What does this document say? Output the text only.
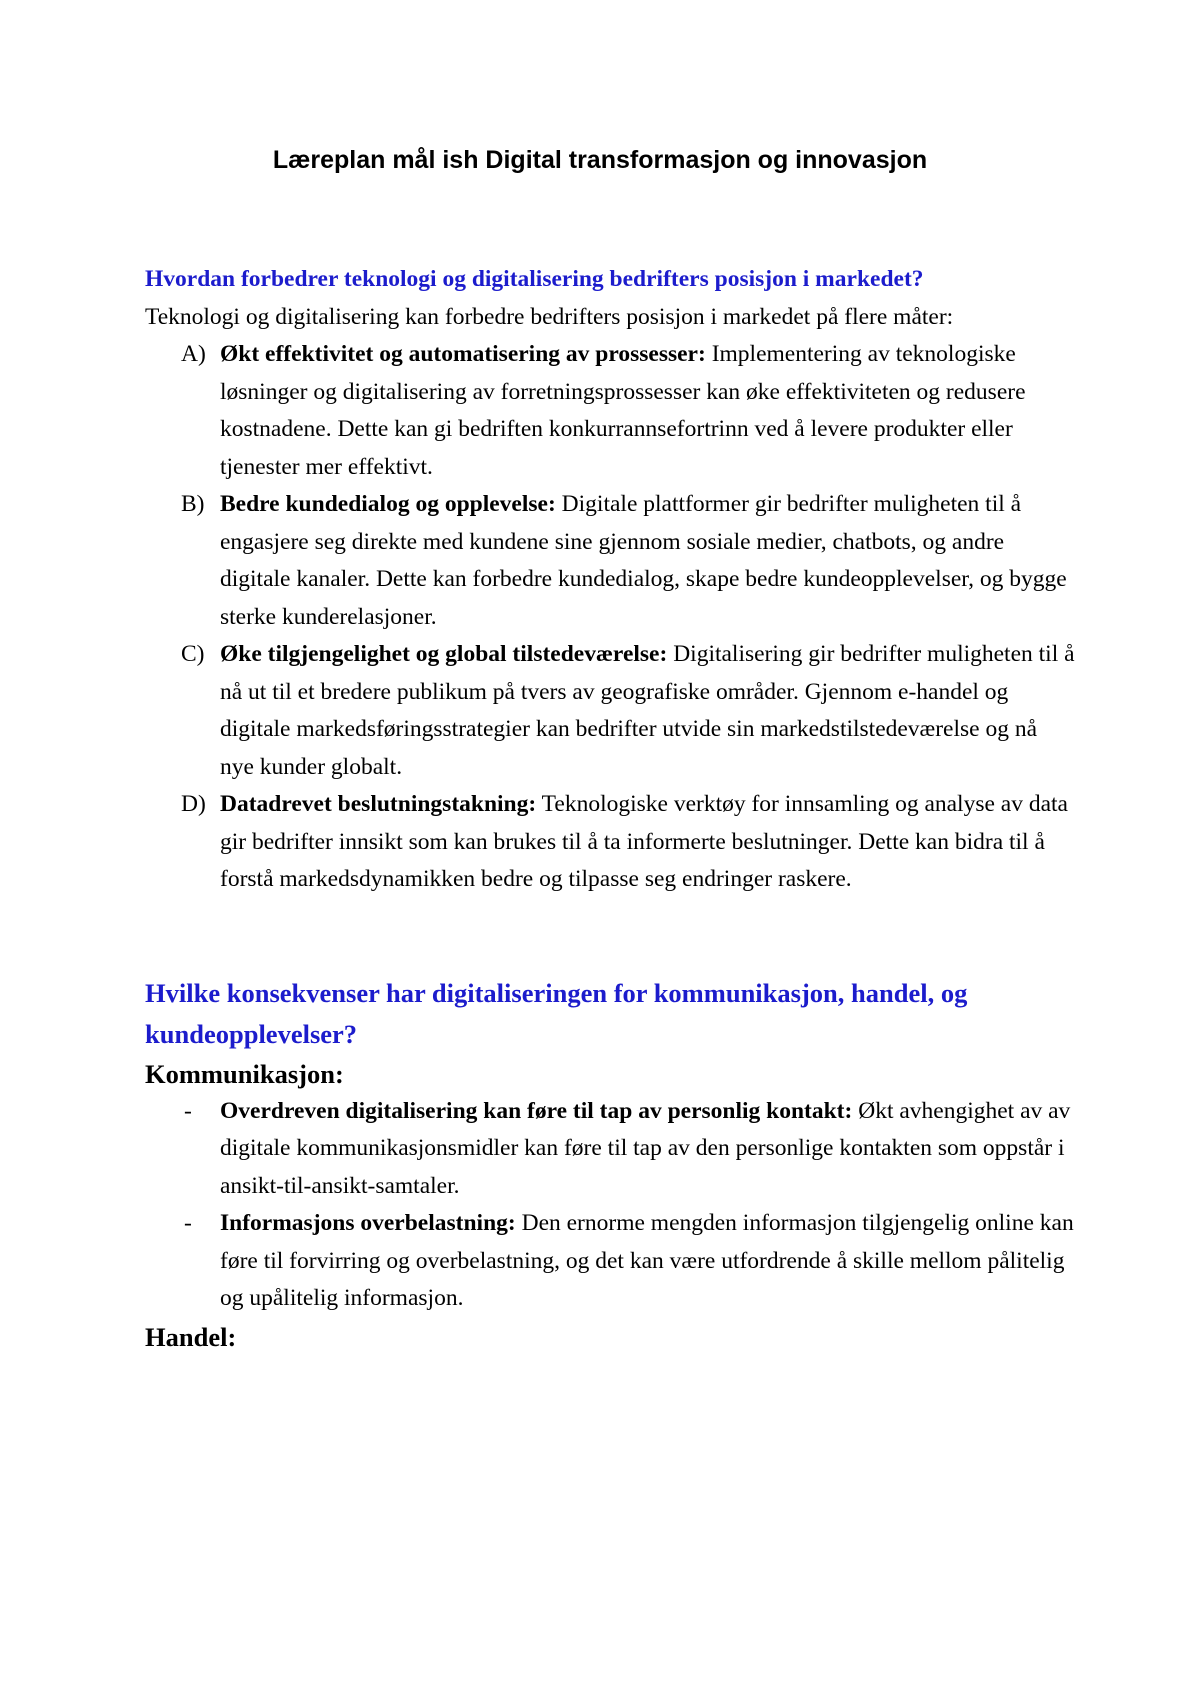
Læreplan mål ish Digital transformasjon og innovasjon
Hvordan forbedrer teknologi og digitalisering bedrifters posisjon i markedet?

Teknologi og digitalisering kan forbedre bedrifters posisjon i markedet på flere måter:

A) Økt effektivitet og automatisering av prossesser: Implementering av teknologiske løsninger og digitalisering av forretningsprossesser kan øke effektiviteten og redusere kostnadene. Dette kan gi bedriften konkurrannsefortrinn ved å levere produkter eller tjenester mer effektivt.
B) Bedre kundedialog og opplevelse: Digitale plattformer gir bedrifter muligheten til å engasjere seg direkte med kundene sine gjennom sosiale medier, chatbots, og andre digitale kanaler. Dette kan forbedre kundedialog, skape bedre kundeopplevelser, og bygge sterke kunderelasjoner.
C) Øke tilgjengelighet og global tilstedeværelse: Digitalisering gir bedrifter muligheten til å nå ut til et bredere publikum på tvers av geografiske områder. Gjennom e-handel og digitale markedsføringsstrategier kan bedrifter utvide sin markedstilstedeværelse og nå nye kunder globalt.
D) Datadrevet beslutningstakning: Teknologiske verktøy for innsamling og analyse av data gir bedrifter innsikt som kan brukes til å ta informerte beslutninger. Dette kan bidra til å forstå markedsdynamikken bedre og tilpasse seg endringer raskere.
Hvilke konsekvenser har digitaliseringen for kommunikasjon, handel, og kundeopplevelser?
Kommunikasjon:
- Overdreven digitalisering kan føre til tap av personlig kontakt: Økt avhengighet av av digitale kommunikasjonsmidler kan føre til tap av den personlige kontakten som oppstår i ansikt-til-ansikt-samtaler.
- Informasjons overbelastning: Den ernorme mengden informasjon tilgjengelig online kan føre til forvirring og overbelastning, og det kan være utfordrende å skille mellom pålitelig og upålitelig informasjon.
Handel:
